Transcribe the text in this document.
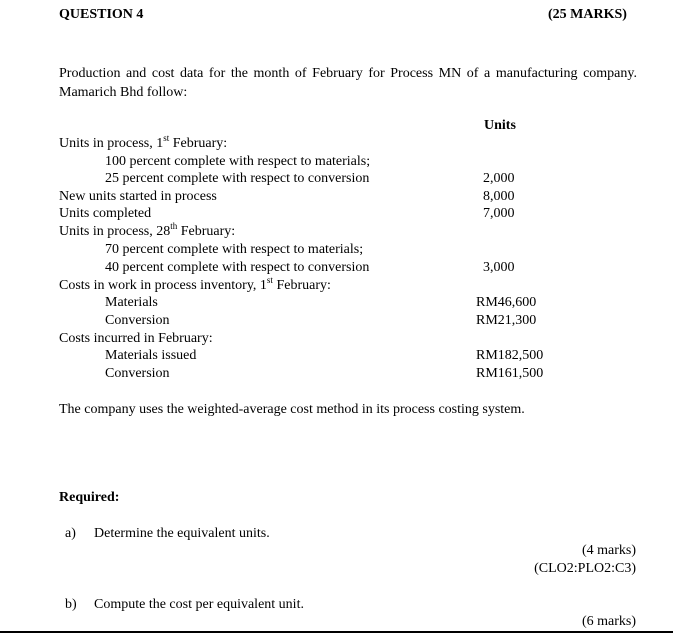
QUESTION 4	(25 MARKS)
Production and cost data for the month of February for Process MN of a manufacturing company. Mamarich Bhd follow:
Units
Units in process, 1st February:
100 percent complete with respect to materials;
25 percent complete with respect to conversion	2,000
New units started in process	8,000
Units completed	7,000
Units in process, 28th February:
70 percent complete with respect to materials;
40 percent complete with respect to conversion	3,000
Costs in work in process inventory, 1st February:
Materials	RM46,600
Conversion	RM21,300
Costs incurred in February:
Materials issued	RM182,500
Conversion	RM161,500
The company uses the weighted-average cost method in its process costing system.
Required:
a) Determine the equivalent units.
(4 marks)
(CLO2:PLO2:C3)
b) Compute the cost per equivalent unit.
(6 marks)
